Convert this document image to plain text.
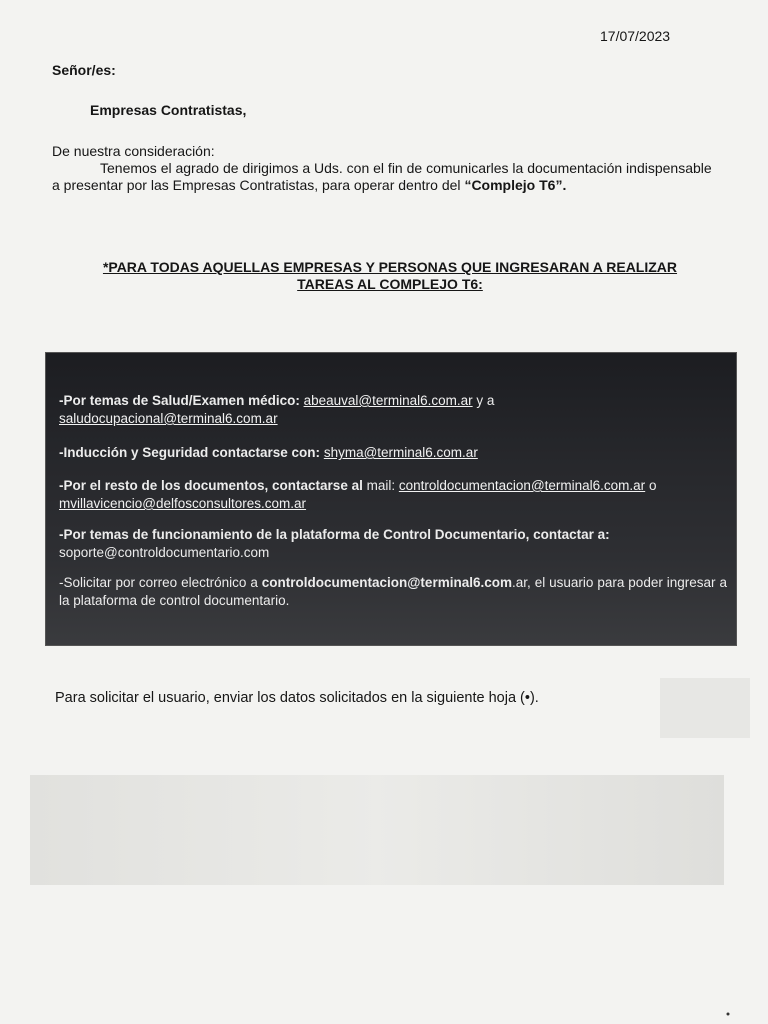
17/07/2023
Señor/es:
Empresas Contratistas,
De nuestra consideración:
Tenemos el agrado de dirigimos a Uds. con el fin de comunicarles la documentación indispensable
a presentar por las Empresas Contratistas, para operar dentro del “Complejo T6”.
*PARA TODAS AQUELLAS EMPRESAS Y PERSONAS QUE INGRESARAN A REALIZAR
TAREAS AL COMPLEJO T6:
-Por temas de Salud/Examen médico: abeauval@terminal6.com.ar y a
saludocupacional@terminal6.com.ar
-Inducción y Seguridad contactarse con: shyma@terminal6.com.ar
-Por el resto de los documentos, contactarse al mail: controldocumentacion@terminal6.com.ar o
mvillavicencio@delfosconsultores.com.ar
-Por temas de funcionamiento de la plataforma de Control Documentario, contactar a:
soporte@controldocumentario.com
-Solicitar por correo electrónico a controldocumentacion@terminal6.com.ar, el usuario para poder ingresar a la plataforma de control documentario.
Para solicitar el usuario, enviar los datos solicitados en la siguiente hoja (•).
